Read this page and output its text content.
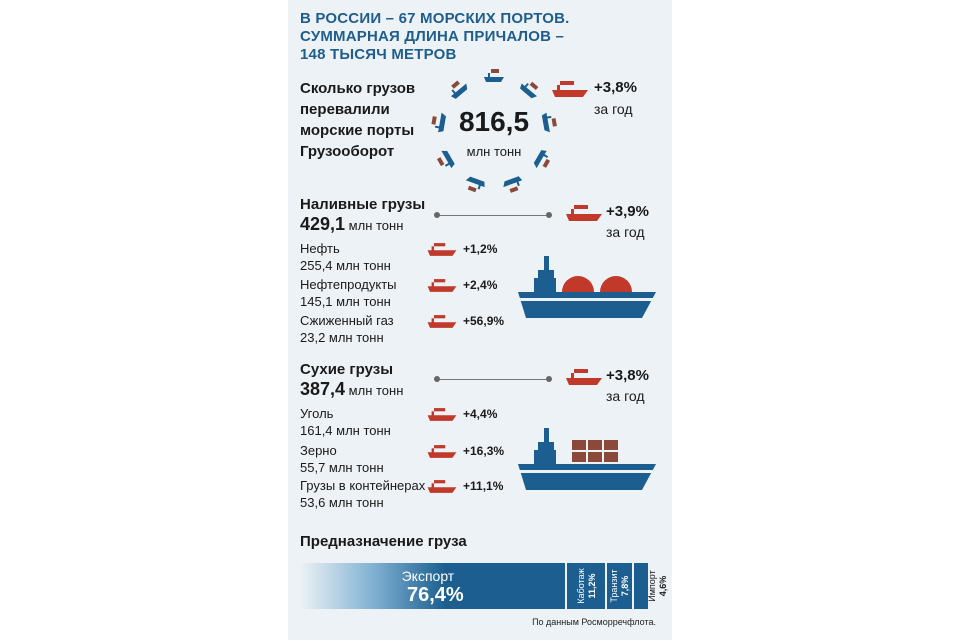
В РОССИИ – 67 МОРСКИХ ПОРТОВ.
СУММАРНАЯ ДЛИНА ПРИЧАЛОВ –
148 ТЫСЯЧ МЕТРОВ
Сколько грузов
перевалили
морские порты
Грузооборот
816,5
млн тонн
+3,8%
за год
Наливные грузы
429,1 млн тонн
+3,9%
за год
Нефть
255,4 млн тонн
+1,2%
Нефтепродукты
145,1 млн тонн
+2,4%
Сжиженный газ
23,2 млн тонн
+56,9%
Сухие грузы
387,4 млн тонн
+3,8%
за год
Уголь
161,4 млн тонн
+4,4%
Зерно
55,7 млн тонн
+16,3%
Грузы в контейнерах
53,6 млн тонн
+11,1%
Предназначение груза
По данным Росморречфлота.
Экспорт
76,4%	Каботаж 11,2% Транзит 7,8% Импорт 4,6%
